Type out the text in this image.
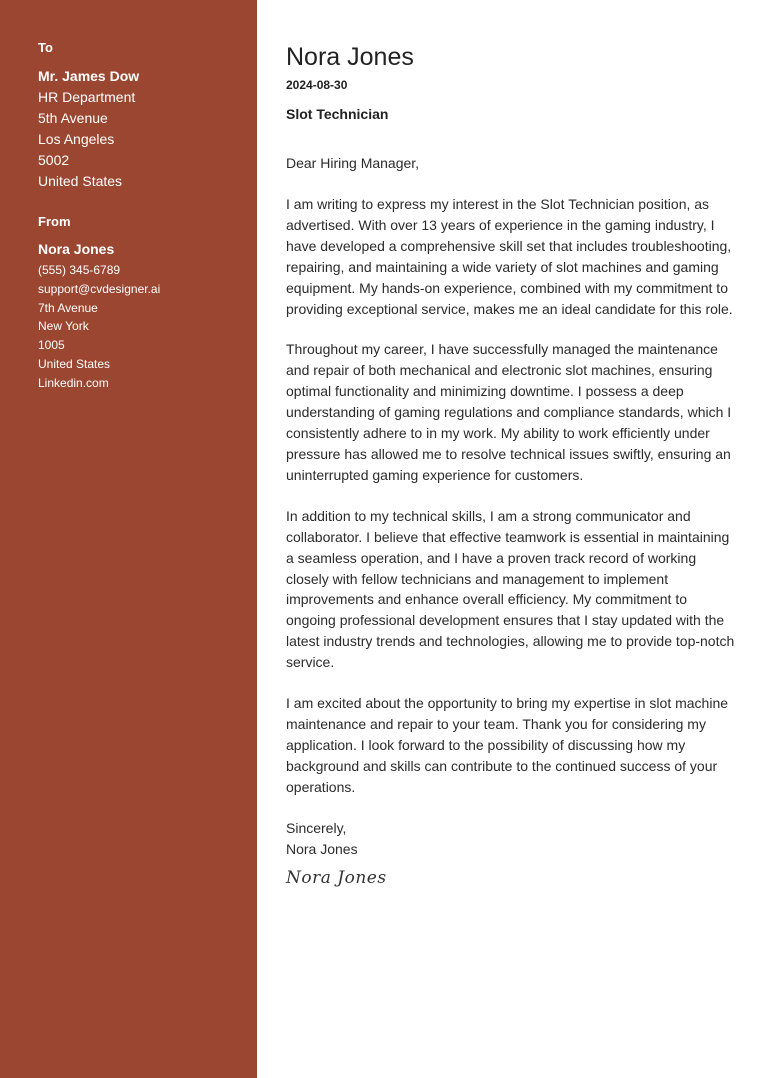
To

Mr. James Dow

HR Department

5th Avenue

Los Angeles

5002

United States

From

Nora Jones

(555) 345-6789

support@cvdesigner.ai

7th Avenue

New York

1005

United States

Linkedin.com

Nora Jones

2024-08-30

Slot Technician

Dear Hiring Manager,

I am writing to express my interest in the Slot Technician position, as advertised. With over 13 years of experience in the gaming industry, I have developed a comprehensive skill set that includes troubleshooting, repairing, and maintaining a wide variety of slot machines and gaming equipment. My hands-on experience, combined with my commitment to providing exceptional service, makes me an ideal candidate for this role.

Throughout my career, I have successfully managed the maintenance and repair of both mechanical and electronic slot machines, ensuring optimal functionality and minimizing downtime. I possess a deep understanding of gaming regulations and compliance standards, which I consistently adhere to in my work. My ability to work efficiently under pressure has allowed me to resolve technical issues swiftly, ensuring an uninterrupted gaming experience for customers.

In addition to my technical skills, I am a strong communicator and collaborator. I believe that effective teamwork is essential in maintaining a seamless operation, and I have a proven track record of working closely with fellow technicians and management to implement improvements and enhance overall efficiency. My commitment to ongoing professional development ensures that I stay updated with the latest industry trends and technologies, allowing me to provide top-notch service.

I am excited about the opportunity to bring my expertise in slot machine maintenance and repair to your team. Thank you for considering my application. I look forward to the possibility of discussing how my background and skills can contribute to the continued success of your operations.

Sincerely,
Nora Jones

Nora Jones
